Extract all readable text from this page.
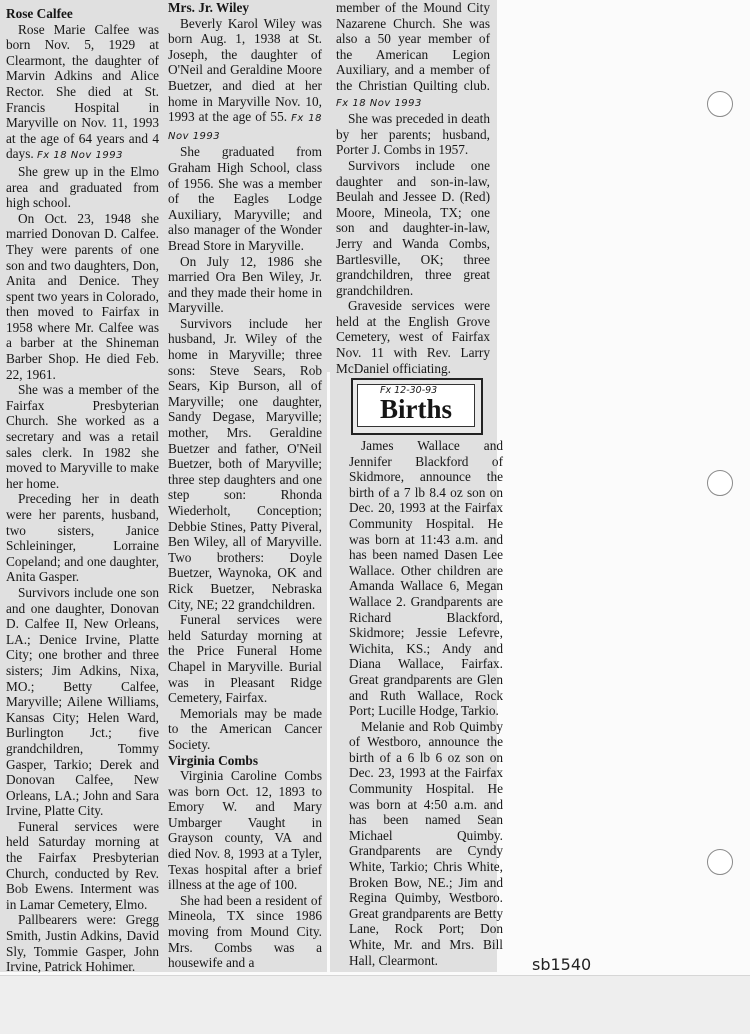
Rose Calfee

Rose Marie Calfee was born Nov. 5, 1929 at Clearmont, the daughter of Marvin Adkins and Alice Rector. She died at St. Francis Hospital in Maryville on Nov. 11, 1993 at the age of 64 years and 4 days. Fx 18 Nov 1993

She grew up in the Elmo area and graduated from high school.

On Oct. 23, 1948 she married Donovan D. Calfee. They were parents of one son and two daughters, Don, Anita and Denice. They spent two years in Colorado, then moved to Fairfax in 1958 where Mr. Calfee was a barber at the Shineman Barber Shop. He died Feb. 22, 1961.

She was a member of the Fairfax Presbyterian Church. She worked as a secretary and was a retail sales clerk. In 1982 she moved to Maryville to make her home.

Preceding her in death were her parents, husband, two sisters, Janice Schleininger, Lorraine Copeland; and one daughter, Anita Gasper.

Survivors include one son and one daughter, Donovan D. Calfee II, New Orleans, LA.; Denice Irvine, Platte City; one brother and three sisters; Jim Adkins, Nixa, MO.; Betty Calfee, Maryville; Ailene Williams, Kansas City; Helen Ward, Burlington Jct.; five grandchildren, Tommy Gasper, Tarkio; Derek and Donovan Calfee, New Orleans, LA.; John and Sara Irvine, Platte City.

Funeral services were held Saturday morning at the Fairfax Presbyterian Church, conducted by Rev. Bob Ewens. Interment was in Lamar Cemetery, Elmo.

Pallbearers were: Gregg Smith, Justin Adkins, David Sly, Tommie Gasper, John Irvine, Patrick Hohimer.

Mrs. Jr. Wiley

Beverly Karol Wiley was born Aug. 1, 1938 at St. Joseph, the daughter of O'Neil and Geraldine Moore Buetzer, and died at her home in Maryville Nov. 10, 1993 at the age of 55. Fx 18 Nov 1993

She graduated from Graham High School, class of 1956. She was a member of the Eagles Lodge Auxiliary, Maryville; and also manager of the Wonder Bread Store in Maryville.

On July 12, 1986 she married Ora Ben Wiley, Jr. and they made their home in Maryville.

Survivors include her husband, Jr. Wiley of the home in Maryville; three sons: Steve Sears, Rob Sears, Kip Burson, all of Maryville; one daughter, Sandy Degase, Maryville; mother, Mrs. Geraldine Buetzer and father, O'Neil Buetzer, both of Maryville; three step daughters and one step son: Rhonda Wiederholt, Conception; Debbie Stines, Patty Piveral, Ben Wiley, all of Maryville. Two brothers: Doyle Buetzer, Waynoka, OK and Rick Buetzer, Nebraska City, NE; 22 grandchildren.

Funeral services were held Saturday morning at the Price Funeral Home Chapel in Maryville. Burial was in Pleasant Ridge Cemetery, Fairfax.

Memorials may be made to the American Cancer Society.

Virginia Combs

Virginia Caroline Combs was born Oct. 12, 1893 to Emory W. and Mary Umbarger Vaught in Grayson county, VA and died Nov. 8, 1993 at a Tyler, Texas hospital after a brief illness at the age of 100.

She had been a resident of Mineola, TX since 1986 moving from Mound City. Mrs. Combs was a housewife and a

member of the Mound City Nazarene Church. She was also a 50 year member of the American Legion Auxiliary, and a member of the Christian Quilting club. Fx 18 Nov 1993

She was preceded in death by her parents; husband, Porter J. Combs in 1957.

Survivors include one daughter and son-in-law, Beulah and Jessee D. (Red) Moore, Mineola, TX; one son and daughter-in-law, Jerry and Wanda Combs, Bartlesville, OK; three grandchildren, three great grandchildren.

Graveside services were held at the English Grove Cemetery, west of Fairfax Nov. 11 with Rev. Larry McDaniel officiating.

Fx 12-30-93
Births

James Wallace and Jennifer Blackford of Skidmore, announce the birth of a 7 lb 8.4 oz son on Dec. 20, 1993 at the Fairfax Community Hospital. He was born at 11:43 a.m. and has been named Dasen Lee Wallace. Other children are Amanda Wallace 6, Megan Wallace 2. Grandparents are Richard Blackford, Skidmore; Jessie Lefevre, Wichita, KS.; Andy and Diana Wallace, Fairfax. Great grandparents are Glen and Ruth Wallace, Rock Port; Lucille Hodge, Tarkio.

Melanie and Rob Quimby of Westboro, announce the birth of a 6 lb 6 oz son on Dec. 23, 1993 at the Fairfax Community Hospital. He was born at 4:50 a.m. and has been named Sean Michael Quimby. Grandparents are Cyndy White, Tarkio; Chris White, Broken Bow, NE.; Jim and Regina Quimby, Westboro. Great grandparents are Betty Lane, Rock Port; Don White, Mr. and Mrs. Bill Hall, Clearmont.	sb1540
